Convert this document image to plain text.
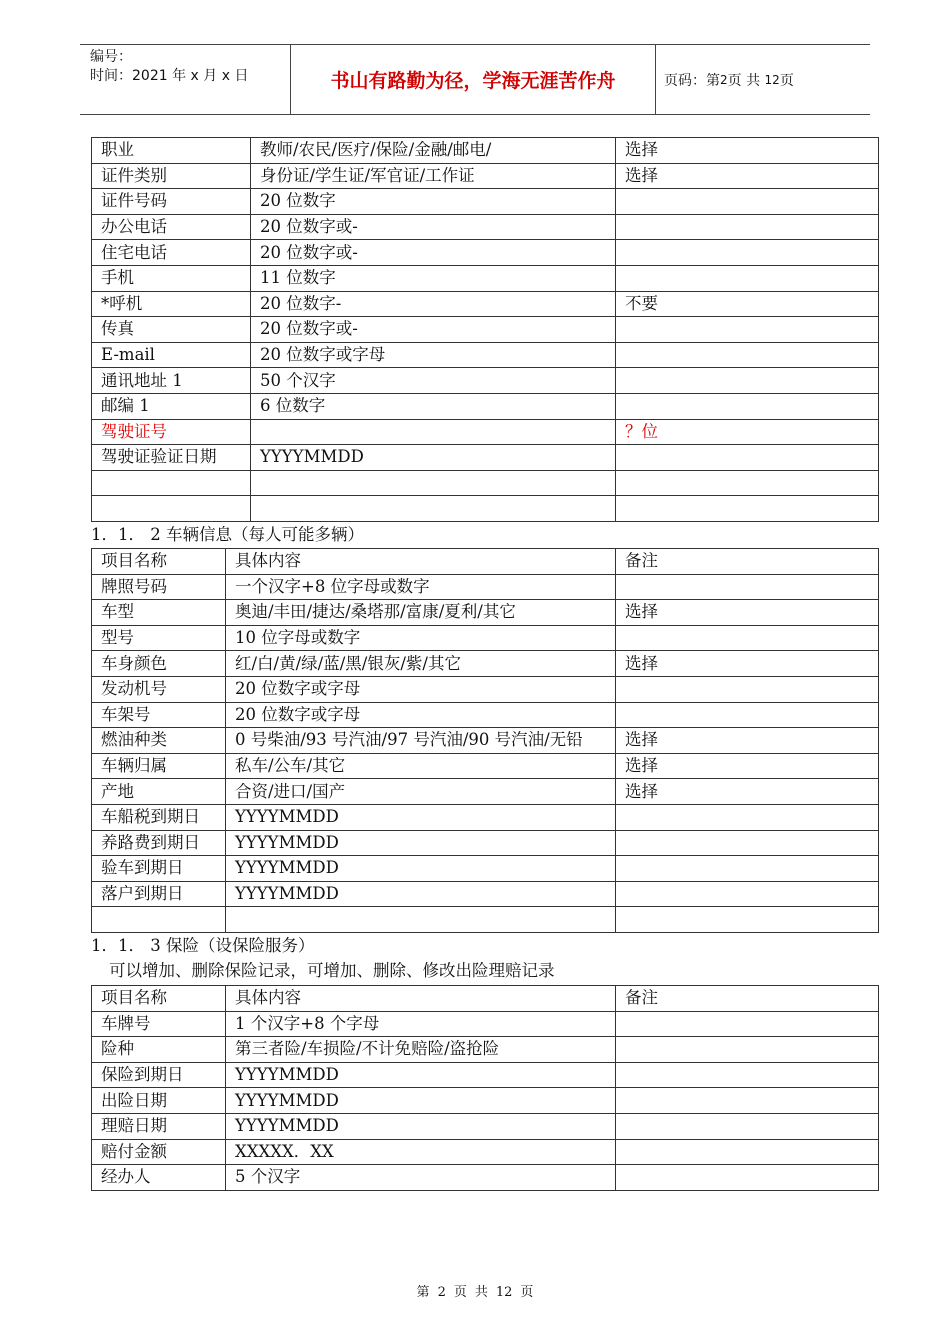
编号：
时间：2021 年 x 月 x 日	书山有路勤为径，学海无涯苦作舟	页码：第 2 页 共
12 页
职业	教师/农民/医疗/保险/金融/邮电/	选择
证件类别	身份证/学生证/军官证/工作证	选择
证件号码	20 位数字	
办公电话	20 位数字或-	
住宅电话	20 位数字或-	
手机	11 位数字	
*呼机	20 位数字-	不要
传真	20 位数字或-	
E-mail	20 位数字或字母	
通讯地址 1	50 个汉字	
邮编 1	6 位数字	
驾驶证号		？位
驾驶证验证日期	YYYYMMDD	

1．1． 2 车辆信息（每人可能多辆）
项目名称	具体内容	备注
牌照号码	一个汉字+8 位字母或数字	
车型	奥迪/丰田/捷达/桑塔那/富康/夏利/其它	选择
型号	10 位字母或数字	
车身颜色	红/白/黄/绿/蓝/黑/银灰/紫/其它	选择
发动机号	20 位数字或字母	
车架号	20 位数字或字母	
燃油种类	0 号柴油/93 号汽油/97 号汽油/90 号汽油/无铅	选择
车辆归属	私车/公车/其它	选择
产地	合资/进口/国产	选择
车船税到期日	YYYYMMDD	
养路费到期日	YYYYMMDD	
验车到期日	YYYYMMDD	
落户到期日	YYYYMMDD	

1．1． 3 保险（设保险服务）
可以增加、删除保险记录，可增加、删除、修改出险理赔记录
项目名称	具体内容	备注
车牌号	1 个汉字+8 个字母	
险种	第三者险/车损险/不计免赔险/盗抢险	
保险到期日	YYYYMMDD	
出险日期	YYYYMMDD	
理赔日期	YYYYMMDD	
赔付金额	XXXXX．XX	
经办人	5 个汉字	
第 2 页 共 12 页
